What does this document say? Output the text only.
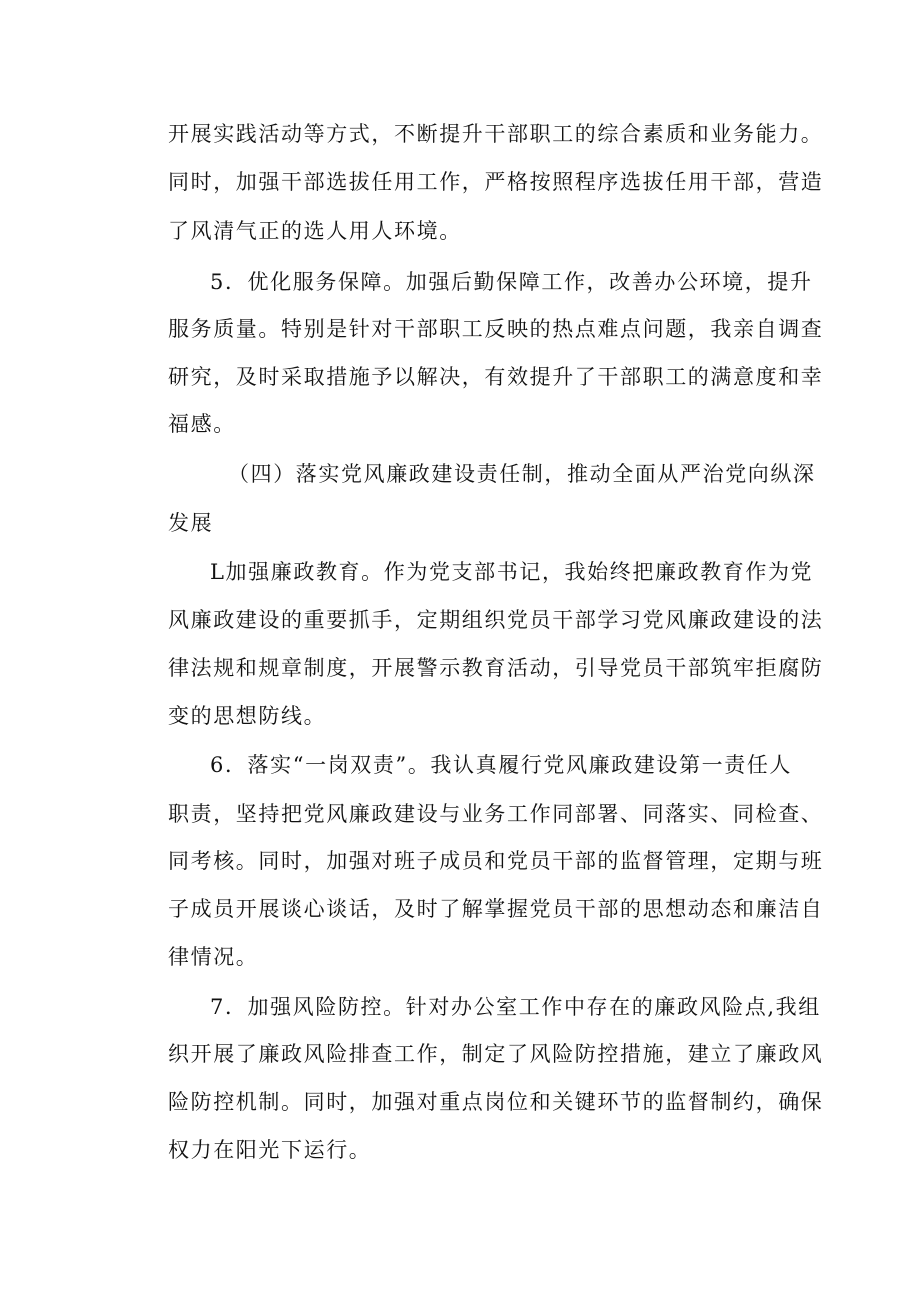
开展实践活动等方式，不断提升干部职工的综合素质和业务能力。
同时，加强干部选拔任用工作，严格按照程序选拔任用干部，营造
了风清气正的选人用人环境。
5．优化服务保障。加强后勤保障工作，改善办公环境，提升
服务质量。特别是针对干部职工反映的热点难点问题，我亲自调查
研究，及时采取措施予以解决，有效提升了干部职工的满意度和幸
福感。
（四）落实党风廉政建设责任制，推动全面从严治党向纵深
发展
L加强廉政教育。作为党支部书记，我始终把廉政教育作为党
风廉政建设的重要抓手，定期组织党员干部学习党风廉政建设的法
律法规和规章制度，开展警示教育活动，引导党员干部筑牢拒腐防
变的思想防线。
6．落实“一岗双责”。我认真履行党风廉政建设第一责任人
职责，坚持把党风廉政建设与业务工作同部署、同落实、同检查、
同考核。同时，加强对班子成员和党员干部的监督管理，定期与班
子成员开展谈心谈话，及时了解掌握党员干部的思想动态和廉洁自
律情况。
7．加强风险防控。针对办公室工作中存在的廉政风险点,我组
织开展了廉政风险排查工作，制定了风险防控措施，建立了廉政风
险防控机制。同时，加强对重点岗位和关键环节的监督制约，确保
权力在阳光下运行。
